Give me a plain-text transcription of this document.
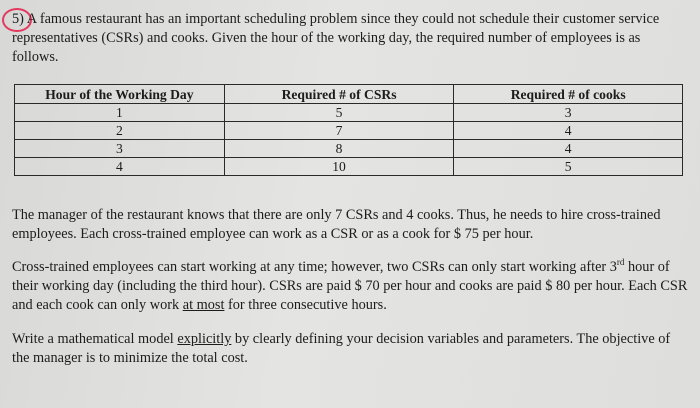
5) A famous restaurant has an important scheduling problem since they could not schedule their customer service representatives (CSRs) and cooks. Given the hour of the working day, the required number of employees is as follows.

Hour of the Working Day	Required # of CSRs	Required # of cooks
1	5	3
2	7	4
3	8	4
4	10	5

The manager of the restaurant knows that there are only 7 CSRs and 4 cooks. Thus, he needs to hire cross-trained employees. Each cross-trained employee can work as a CSR or as a cook for $ 75 per hour.

Cross-trained employees can start working at any time; however, two CSRs can only start working after 3rd hour of their working day (including the third hour). CSRs are paid $ 70 per hour and cooks are paid $ 80 per hour. Each CSR and each cook can only work at most for three consecutive hours.

Write a mathematical model explicitly by clearly defining your decision variables and parameters. The objective of the manager is to minimize the total cost.
